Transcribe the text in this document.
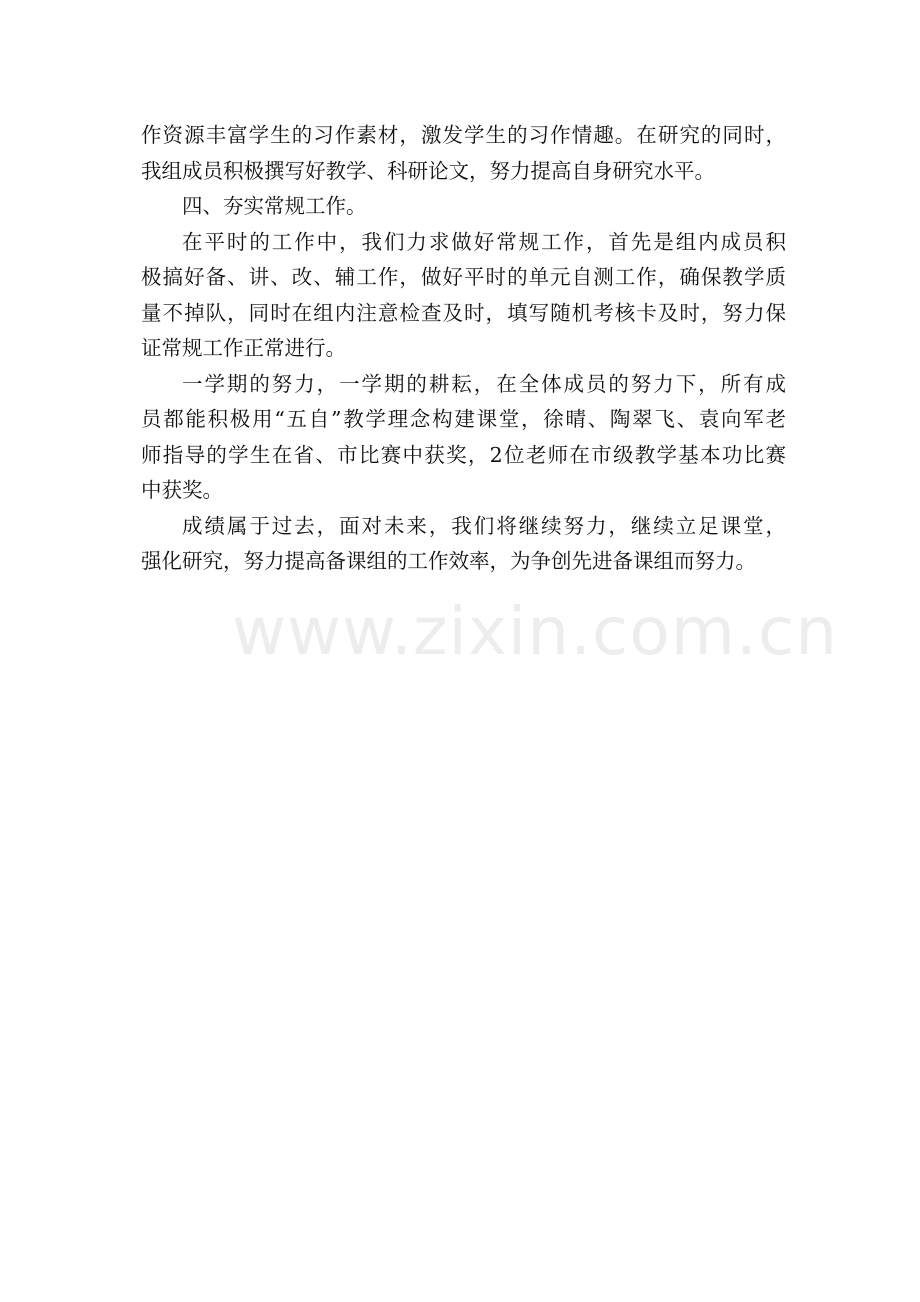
作资源丰富学生的习作素材，激发学生的习作情趣。在研究的同时，
我组成员积极撰写好教学、科研论文，努力提高自身研究水平。

四、夯实常规工作。

在平时的工作中，我们力求做好常规工作，首先是组内成员积
极搞好备、讲、改、辅工作，做好平时的单元自测工作，确保教学质
量不掉队，同时在组内注意检查及时，填写随机考核卡及时，努力保
证常规工作正常进行。

一学期的努力，一学期的耕耘，在全体成员的努力下，所有成
员都能积极用“五自”教学理念构建课堂，徐晴、陶翠飞、袁向军老
师指导的学生在省、市比赛中获奖，2位老师在市级教学基本功比赛
中获奖。

成绩属于过去，面对未来，我们将继续努力，继续立足课堂，
强化研究，努力提高备课组的工作效率，为争创先进备课组而努力。

www.zixin.com.cn
